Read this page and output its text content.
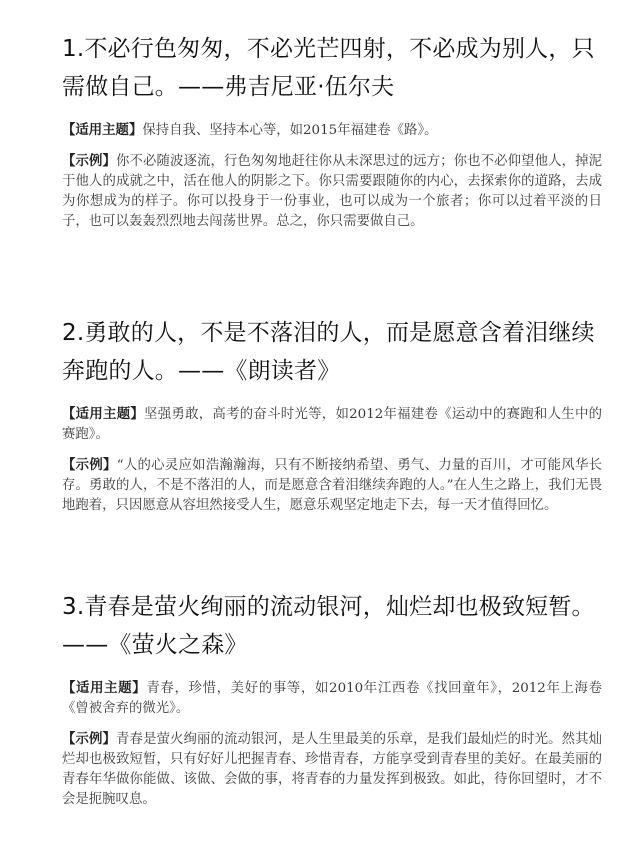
1.不必行色匆匆，不必光芒四射，不必成为别人，只需做自己。——弗吉尼亚·伍尔夫

【适用主题】保持自我、坚持本心等，如2015年福建卷《路》。

【示例】你不必随波逐流，行色匆匆地赶往你从未深思过的远方；你也不必仰望他人，掉泥于他人的成就之中，活在他人的阴影之下。你只需要跟随你的内心，去探索你的道路，去成为你想成为的样子。你可以投身于一份事业，也可以成为一个旅者；你可以过着平淡的日子，也可以轰轰烈烈地去闯荡世界。总之，你只需要做自己。

2.勇敢的人，不是不落泪的人，而是愿意含着泪继续奔跑的人。——《朗读者》

【适用主题】坚强勇敢，高考的奋斗时光等，如2012年福建卷《运动中的赛跑和人生中的赛跑》。

【示例】“人的心灵应如浩瀚瀚海，只有不断接纳希望、勇气、力量的百川，才可能风华长存。勇敢的人，不是不落泪的人，而是愿意含着泪继续奔跑的人。”在人生之路上，我们无畏地跑着，只因愿意从容坦然接受人生，愿意乐观坚定地走下去，每一天才值得回忆。

3.青春是萤火绚丽的流动银河，灿烂却也极致短暂。——《萤火之森》

【适用主题】青春，珍惜，美好的事等，如2010年江西卷《找回童年》，2012年上海卷《曾被舍弃的微光》。

【示例】青春是萤火绚丽的流动银河，是人生里最美的乐章，是我们最灿烂的时光。然其灿烂却也极致短暂，只有好好儿把握青春、珍惜青春，方能享受到青春里的美好。在最美丽的青春年华做你能做、该做、会做的事，将青春的力量发挥到极致。如此，待你回望时，才不会是扼腕叹息。
